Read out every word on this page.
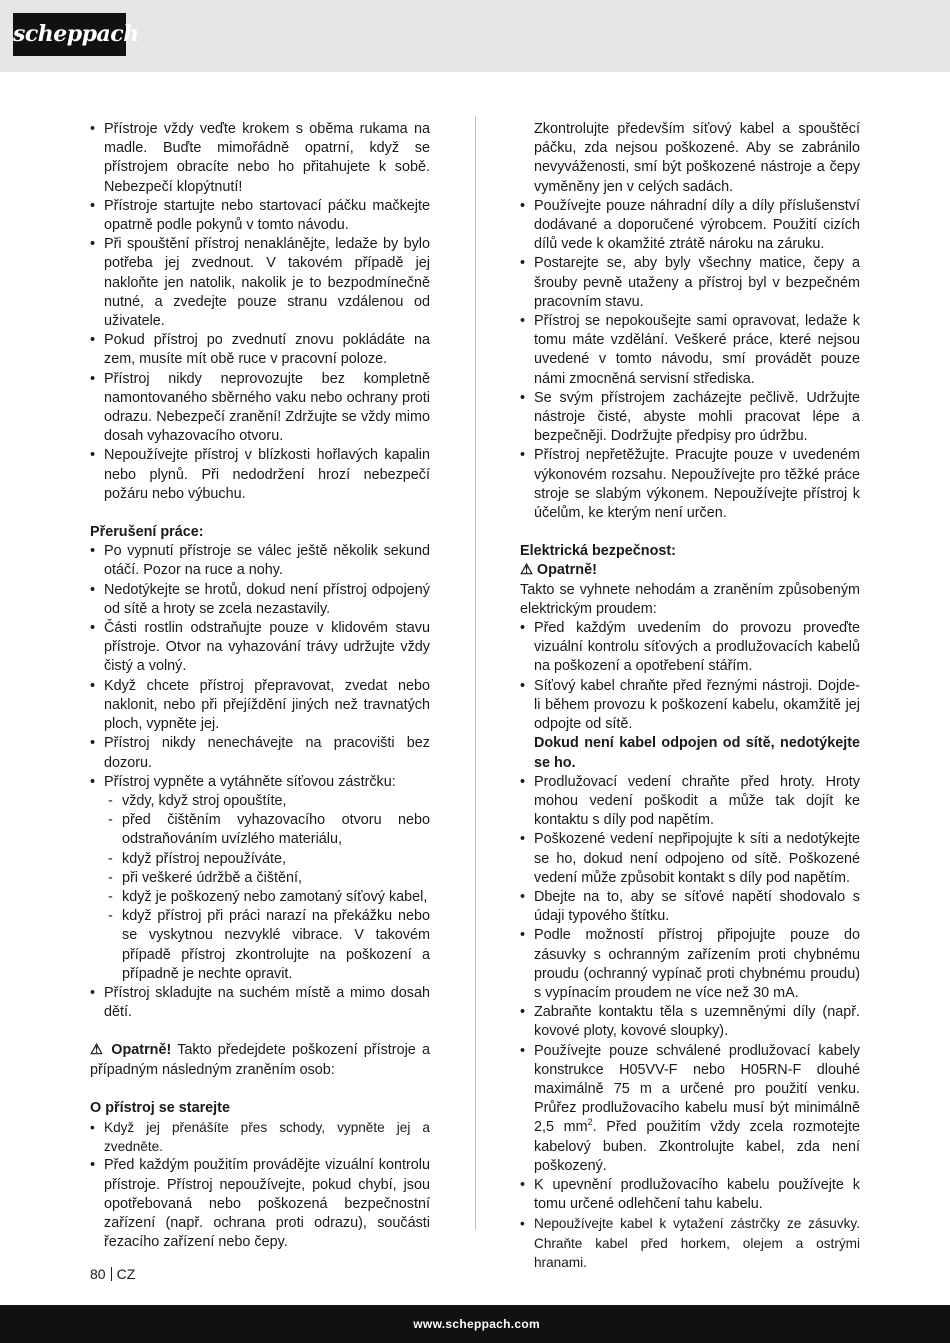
scheppach
• Přístroje vždy veďte krokem s oběma rukama na madle. Buďte mimořádně opatrní, když se přístrojem obracíte nebo ho přitahujete k sobě. Nebezpečí klopýtnutí!
• Přístroje startujte nebo startovací páčku mačkejte opatrně podle pokynů v tomto návodu.
• Při spouštění přístroj nenaklánějte, ledaže by bylo potřeba jej zvednout. V takovém případě jej nakloňte jen natolik, nakolik je to bezpodmínečně nutné, a zvedejte pouze stranu vzdálenou od uživatele.
• Pokud přístroj po zvednutí znovu pokládáte na zem, musíte mít obě ruce v pracovní poloze.
• Přístroj nikdy neprovozujte bez kompletně namontovaného sběrného vaku nebo ochrany proti odrazu. Nebezpečí zranění! Zdržujte se vždy mimo dosah vyhazovacího otvoru.
• Nepoužívejte přístroj v blízkosti hořlavých kapalin nebo plynů. Při nedodržení hrozí nebezpečí požáru nebo výbuchu.

Přerušení práce:

• Po vypnutí přístroje se válec ještě několik sekund otáčí. Pozor na ruce a nohy.
• Nedotýkejte se hrotů, dokud není přístroj odpojený od sítě a hroty se zcela nezastavily.
• Části rostlin odstraňujte pouze v klidovém stavu přístroje. Otvor na vyhazování trávy udržujte vždy čistý a volný.
• Když chcete přístroj přepravovat, zvedat nebo naklonit, nebo při přejíždění jiných než travnatých ploch, vypněte jej.
• Přístroj nikdy nenechávejte na pracovišti bez dozoru.
• Přístroj vypněte a vytáhněte síťovou zástrčku:
- vždy, když stroj opouštíte,
- před čištěním vyhazovacího otvoru nebo odstraňováním uvízlého materiálu,
- když přístroj nepoužíváte,
- při veškeré údržbě a čištění,
- když je poškozený nebo zamotaný síťový kabel,
- když přístroj při práci narazí na překážku nebo se vyskytnou nezvyklé vibrace. V takovém případě přístroj zkontrolujte na poškození a případně je nechte opravit.
• Přístroj skladujte na suchém místě a mimo dosah dětí.

⚠ Opatrně! Takto předejdete poškození přístroje a případným následným zraněním osob:

O přístroj se starejte

• Když jej přenášíte přes schody, vypněte jej a zvedněte.
• Před každým použitím provádějte vizuální kontrolu přístroje. Přístroj nepoužívejte, pokud chybí, jsou opotřebovaná nebo poškozená bezpečnostní zařízení (např. ochrana proti odrazu), součásti řezacího zařízení nebo čepy.

Zkontrolujte především síťový kabel a spouštěcí páčku, zda nejsou poškozené. Aby se zabránilo nevyváženosti, smí být poškozené nástroje a čepy vyměněny jen v celých sadách.

• Používejte pouze náhradní díly a díly příslušenství dodávané a doporučené výrobcem. Použití cizích dílů vede k okamžité ztrátě nároku na záruku.
• Postarejte se, aby byly všechny matice, čepy a šrouby pevně utaženy a přístroj byl v bezpečném pracovním stavu.
• Přístroj se nepokoušejte sami opravovat, ledaže k tomu máte vzdělání. Veškeré práce, které nejsou uvedené v tomto návodu, smí provádět pouze námi zmocněná servisní střediska.
• Se svým přístrojem zacházejte pečlivě. Udržujte nástroje čisté, abyste mohli pracovat lépe a bezpečněji. Dodržujte předpisy pro údržbu.
• Přístroj nepřetěžujte. Pracujte pouze v uvedeném výkonovém rozsahu. Nepoužívejte pro těžké práce stroje se slabým výkonem. Nepoužívejte přístroj k účelům, ke kterým není určen.

Elektrická bezpečnost:

⚠ Opatrně!

Takto se vyhnete nehodám a zraněním způsobeným elektrickým proudem:

• Před každým uvedením do provozu proveďte vizuální kontrolu síťových a prodlužovacích kabelů na poškození a opotřebení stářím.
• Síťový kabel chraňte před řeznými nástroji. Dojde-li během provozu k poškození kabelu, okamžitě jej odpojte od sítě.

Dokud není kabel odpojen od sítě, nedotýkejte se ho.

• Prodlužovací vedení chraňte před hroty. Hroty mohou vedení poškodit a může tak dojít ke kontaktu s díly pod napětím.
• Poškozené vedení nepřipojujte k síti a nedotýkejte se ho, dokud není odpojeno od sítě. Poškozené vedení může způsobit kontakt s díly pod napětím.
• Dbejte na to, aby se síťové napětí shodovalo s údaji typového štítku.
• Podle možností přístroj připojujte pouze do zásuvky s ochranným zařízením proti chybnému proudu (ochranný vypínač proti chybnému proudu) s vypínacím proudem ne více než 30 mA.
• Zabraňte kontaktu těla s uzemněnými díly (např. kovové ploty, kovové sloupky).
• Používejte pouze schválené prodlužovací kabely konstrukce H05VV-F nebo H05RN-F dlouhé maximálně 75 m a určené pro použití venku. Průřez prodlužovacího kabelu musí být minimálně 2,5 $mm^2$. Před použitím vždy zcela rozmotejte kabelový buben. Zkontrolujte kabel, zda není poškozený.
• K upevnění prodlužovacího kabelu používejte k tomu určené odlehčení tahu kabelu.
• Nepoužívejte kabel k vytažení zástrčky ze zásuvky. Chraňte kabel před horkem, olejem a ostrými hranami.
80 CZ
www.scheppach.com
